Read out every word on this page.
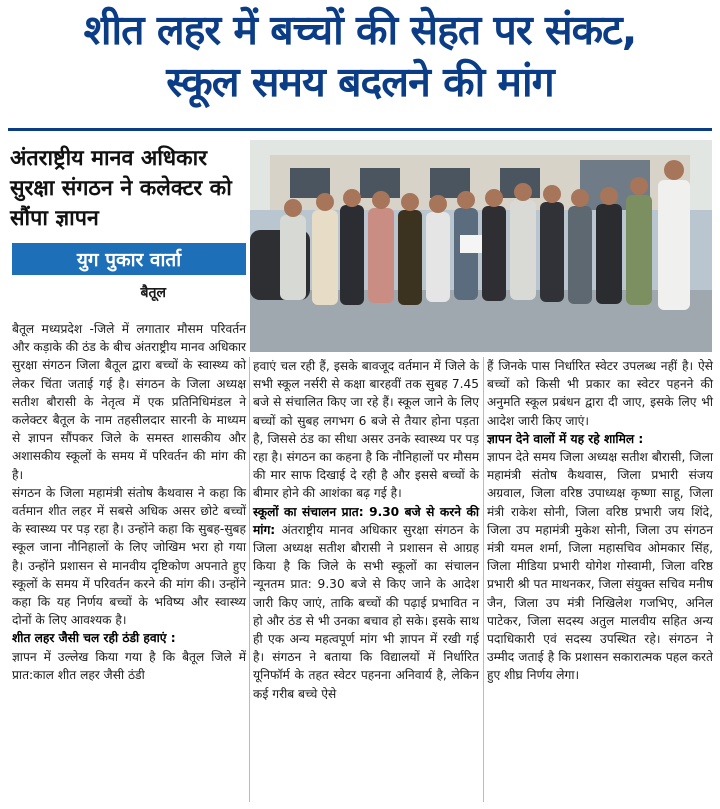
शीत लहर में बच्चों की सेहत पर संकट,
स्कूल समय बदलने की मांग
अंतराष्ट्रीय मानव अधिकार सुरक्षा संगठन ने कलेक्टर को सौंपा ज्ञापन
युग पुकार वार्ता
बैतूल

बैतूल मध्यप्रदेश -जिले में लगातार मौसम परिवर्तन और कड़ाके की ठंड के बीच अंतराष्ट्रीय मानव अधिकार सुरक्षा संगठन जिला बैतूल द्वारा बच्चों के स्वास्थ्य को लेकर चिंता जताई गई है। संगठन के जिला अध्यक्ष सतीश बौरासी के नेतृत्व में एक प्रतिनिधिमंडल ने कलेक्टर बैतूल के नाम तहसीलदार सारनी के माध्यम से ज्ञापन सौंपकर जिले के समस्त शासकीय और अशासकीय स्कूलों के समय में परिवर्तन की मांग की है।

संगठन के जिला महामंत्री संतोष कैथवास ने कहा कि वर्तमान शीत लहर में सबसे अधिक असर छोटे बच्चों के स्वास्थ्य पर पड़ रहा है। उन्होंने कहा कि सुबह-सुबह स्कूल जाना नौनिहालों के लिए जोखिम भरा हो गया है। उन्होंने प्रशासन से मानवीय दृष्टिकोण अपनाते हुए स्कूलों के समय में परिवर्तन करने की मांग की। उन्होंने कहा कि यह निर्णय बच्चों के भविष्य और स्वास्थ्य दोनों के लिए आवश्यक है।

शीत लहर जैसी चल रही ठंडी हवाएं :

ज्ञापन में उल्लेख किया गया है कि बैतूल जिले में प्रात:काल शीत लहर जैसी ठंडी

हवाएं चल रही हैं, इसके बावजूद वर्तमान में जिले के सभी स्कूल नर्सरी से कक्षा बारहवीं तक सुबह 7.45 बजे से संचालित किए जा रहे हैं। स्कूल जाने के लिए बच्चों को सुबह लगभग 6 बजे से तैयार होना पड़ता है, जिससे ठंड का सीधा असर उनके स्वास्थ्य पर पड़ रहा है। संगठन का कहना है कि नौनिहालों पर मौसम की मार साफ दिखाई दे रही है और इससे बच्चों के बीमार होने की आशंका बढ़ गई है।

स्कूलों का संचालन प्रात: 9.30 बजे से करने की मांग: अंतराष्ट्रीय मानव अधिकार सुरक्षा संगठन के जिला अध्यक्ष सतीश बौरासी ने प्रशासन से आग्रह किया है कि जिले के सभी स्कूलों का संचालन न्यूनतम प्रात: 9.30 बजे से किए जाने के आदेश जारी किए जाएं, ताकि बच्चों की पढ़ाई प्रभावित न हो और ठंड से भी उनका बचाव हो सके। इसके साथ ही एक अन्य महत्वपूर्ण मांग भी ज्ञापन में रखी गई है। संगठन ने बताया कि विद्यालयों में निर्धारित यूनिफॉर्म के तहत स्वेटर पहनना अनिवार्य है, लेकिन कई गरीब बच्चे ऐसे

हैं जिनके पास निर्धारित स्वेटर उपलब्ध नहीं है। ऐसे बच्चों को किसी भी प्रकार का स्वेटर पहनने की अनुमति स्कूल प्रबंधन द्वारा दी जाए, इसके लिए भी आदेश जारी किए जाएं।

ज्ञापन देने वालों में यह रहे शामिल :

ज्ञापन देते समय जिला अध्यक्ष सतीश बौरासी, जिला महामंत्री संतोष कैथवास, जिला प्रभारी संजय अग्रवाल, जिला वरिष्ठ उपाध्यक्ष कृष्णा साहू, जिला मंत्री राकेश सोनी, जिला वरिष्ठ प्रभारी जय शिंदे, जिला उप महामंत्री मुकेश सोनी, जिला उप संगठन मंत्री यमल शर्मा, जिला महासचिव ओमकार सिंह, जिला मीडिया प्रभारी योगेश गोस्वामी, जिला वरिष्ठ प्रभारी श्री पत माथनकर, जिला संयुक्त सचिव मनीष जैन, जिला उप मंत्री निखिलेश गजभिए, अनिल पाटेकर, जिला सदस्य अतुल मालवीय सहित अन्य पदाधिकारी एवं सदस्य उपस्थित रहे। संगठन ने उम्मीद जताई है कि प्रशासन सकारात्मक पहल करते हुए शीघ्र निर्णय लेगा।
